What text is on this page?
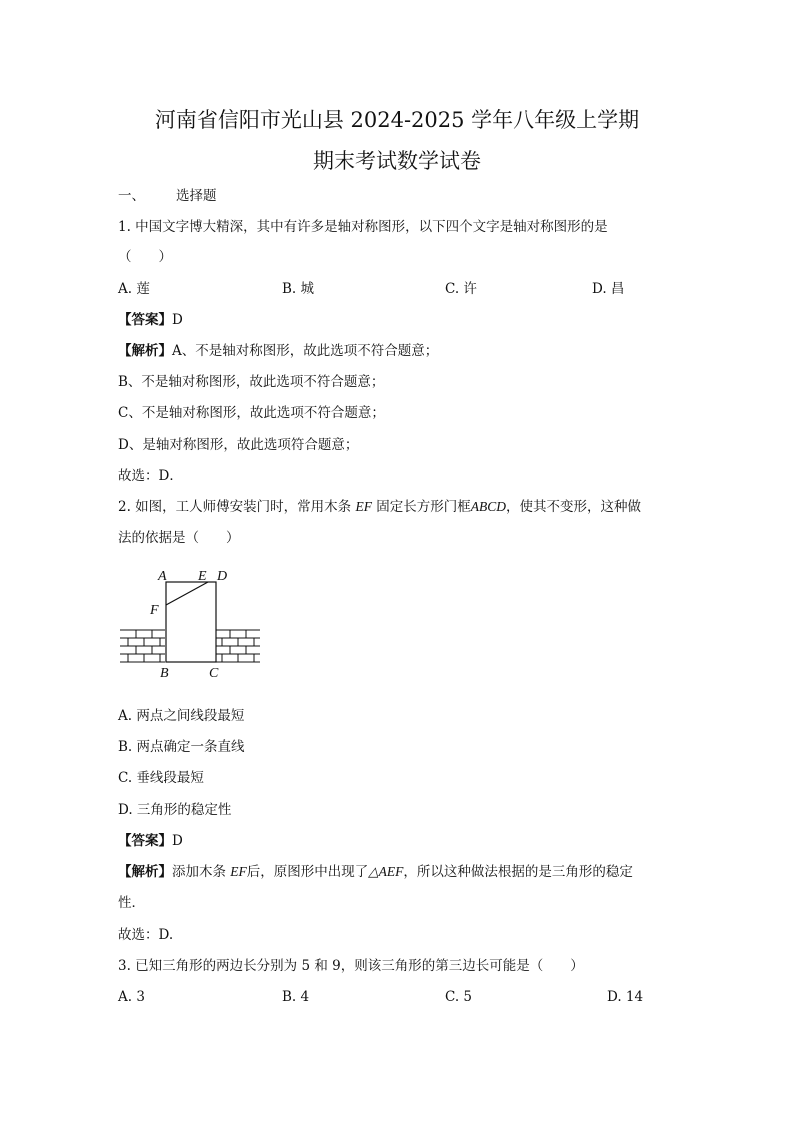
河南省信阳市光山县 2024-2025 学年八年级上学期
期末考试数学试卷
一、 选择题
1. 中国文字博大精深，其中有许多是轴对称图形，以下四个文字是轴对称图形的是
（　　）
A. 莲	B. 城	C. 许	D. 昌
【答案】D
【解析】A、不是轴对称图形，故此选项不符合题意；
B、不是轴对称图形，故此选项不符合题意；
C、不是轴对称图形，故此选项不符合题意；
D、是轴对称图形，故此选项符合题意；
故选：D．
2. 如图，工人师傅安装门时，常用木条 EF 固定长方形门框ABCD，使其不变形，这种做
法的依据是（　　）
A E D
F
B	C
A. 两点之间线段最短
B. 两点确定一条直线
C. 垂线段最短
D. 三角形的稳定性
【答案】D
【解析】添加木条 EF后，原图形中出现了△AEF，所以这种做法根据的是三角形的稳定
性．
故选：D.
3. 已知三角形的两边长分别为 5 和 9，则该三角形的第三边长可能是（　　）
A. 3	B. 4	C. 5	D. 14
